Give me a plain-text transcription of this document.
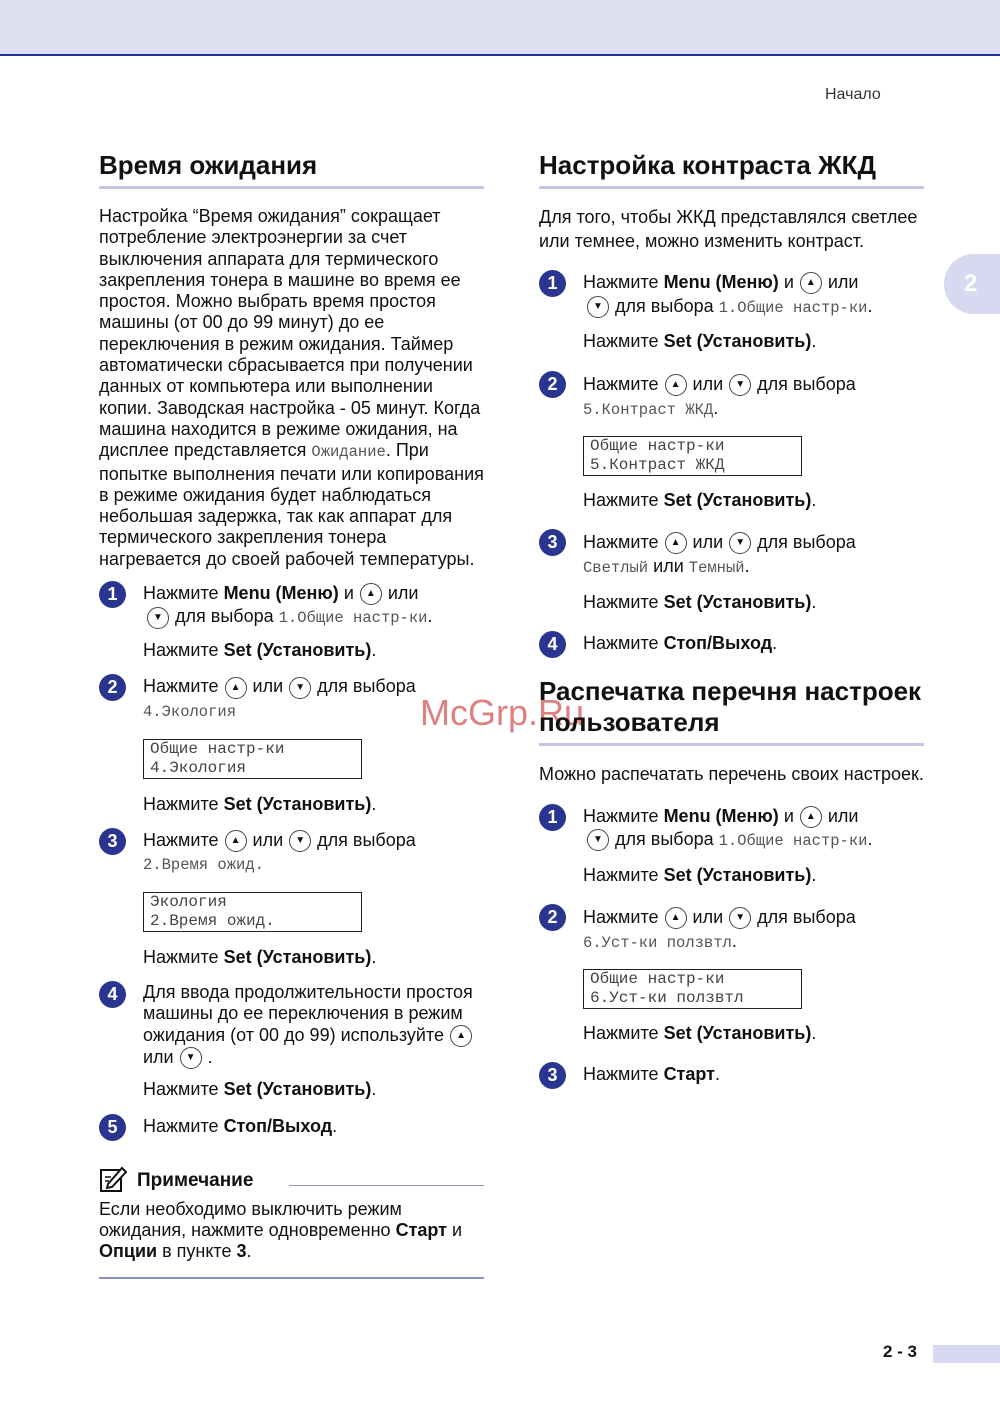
Начало
2
McGrp.Ru
Время ожидания

Настройка “Время ожидания” сокращает потребление электроэнергии за счет выключения аппарата для термического закрепления тонера в машине во время ее простоя. Можно выбрать время простоя машины (от 00 до 99 минут) до ее переключения в режим ожидания. Таймер автоматически сбрасывается при получении данных от компьютера или выполнении копии. Заводская настройка - 05 минут. Когда машина находится в режиме ожидания, на дисплее представляется Ожидание. При попытке выполнения печати или копирования в режиме ожидания будет наблюдаться небольшая задержка, так как аппарат для термического закрепления тонера нагревается до своей рабочей температуры.

1	Нажмите Menu (Меню) и ▲ или
▼ для выбора 1.Общие настр-ки.
Нажмите Set (Установить).
2	Нажмите ▲ или ▼ для выбора
4.Экология
Общие настр-ки
4.Экология
Нажмите Set (Установить).
3	Нажмите ▲ или ▼ для выбора
2.Время ожид.
Экология
2.Время ожид.
Нажмите Set (Установить).
4	Для ввода продолжительности простоя машины до ее переключения в режим ожидания (от 00 до 99) используйте ▲или ▼ .
Нажмите Set (Установить).
5	Нажмите Стоп/Выход.
Примечание

Если необходимо выключить режим ожидания, нажмите одновременно Старт и Опции в пункте 3.

Настройка контраста ЖКД

Для того, чтобы ЖКД представлялся светлее или темнее, можно изменить контраст.

1	Нажмите Menu (Меню) и ▲ или
▼ для выбора 1.Общие настр-ки.
Нажмите Set (Установить).
2	Нажмите ▲ или ▼ для выбора
5.Контраст ЖКД.
Общие настр-ки
5.Контраст ЖКД
Нажмите Set (Установить).
3	Нажмите ▲ или ▼ для выбора
Светлый или Темный.
Нажмите Set (Установить).
4	Нажмите Стоп/Выход.
Распечатка перечня настроек пользователя

Можно распечатать перечень своих настроек.

1	Нажмите Menu (Меню) и ▲ или
▼ для выбора 1.Общие настр-ки.
Нажмите Set (Установить).
2	Нажмите ▲ или ▼ для выбора
6.Уст-ки ползвтл.
Общие настр-ки
6.Уст-ки ползвтл
Нажмите Set (Установить).
3	Нажмите Старт.
2 - 3
